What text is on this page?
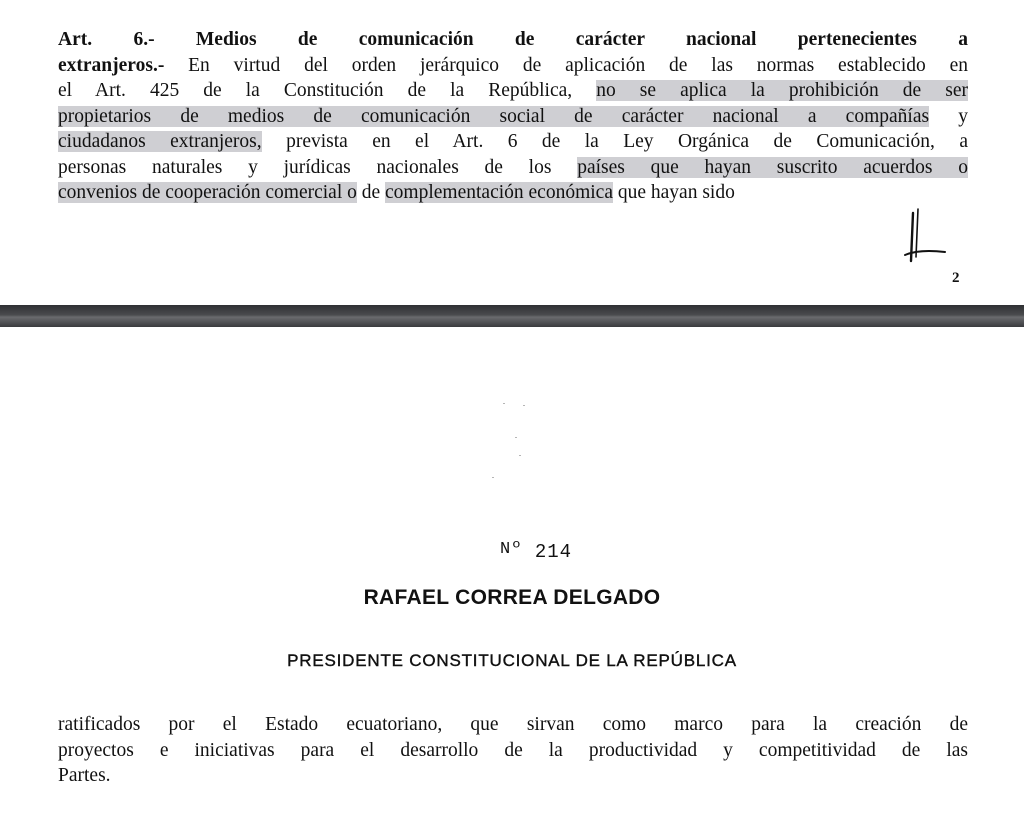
Art. 6.- Medios de comunicación de carácter nacional pertenecientes a
extranjeros.- En virtud del orden jerárquico de aplicación de las normas establecido en
el Art. 425 de la Constitución de la República, no se aplica la prohibición de ser
propietarios de medios de comunicación social de carácter nacional a compañías y
ciudadanos extranjeros, prevista en el Art. 6 de la Ley Orgánica de Comunicación, a
personas naturales y jurídicas nacionales de los países que hayan suscrito acuerdos o
convenios de cooperación comercial o de complementación económica que hayan sido

2
Nº 214
RAFAEL CORREA DELGADO
PRESIDENTE CONSTITUCIONAL DE LA REPÚBLICA

ratificados por el Estado ecuatoriano, que sirvan como marco para la creación de
proyectos e iniciativas para el desarrollo de la productividad y competitividad de las
Partes.
